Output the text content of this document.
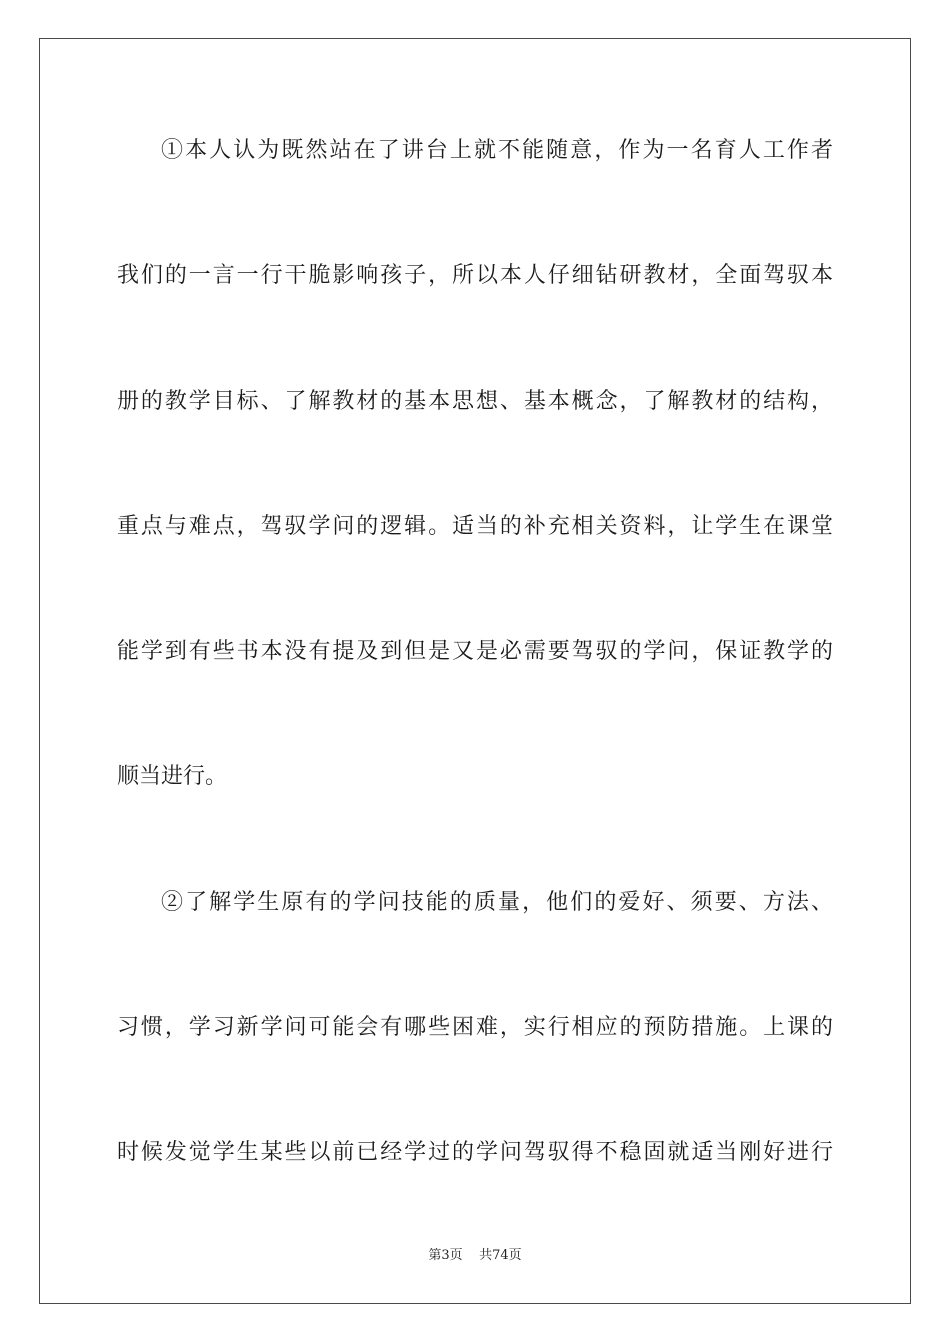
①本人认为既然站在了讲台上就不能随意，作为一名育人工作者
我们的一言一行干脆影响孩子，所以本人仔细钻研教材，全面驾驭本
册的教学目标、了解教材的基本思想、基本概念，了解教材的结构，
重点与难点，驾驭学问的逻辑。适当的补充相关资料，让学生在课堂
能学到有些书本没有提及到但是又是必需要驾驭的学问，保证教学的
顺当进行。
②了解学生原有的学问技能的质量，他们的爱好、须要、方法、
习惯，学习新学问可能会有哪些困难，实行相应的预防措施。上课的
时候发觉学生某些以前已经学过的学问驾驭得不稳固就适当刚好进行
第3页 共74页
